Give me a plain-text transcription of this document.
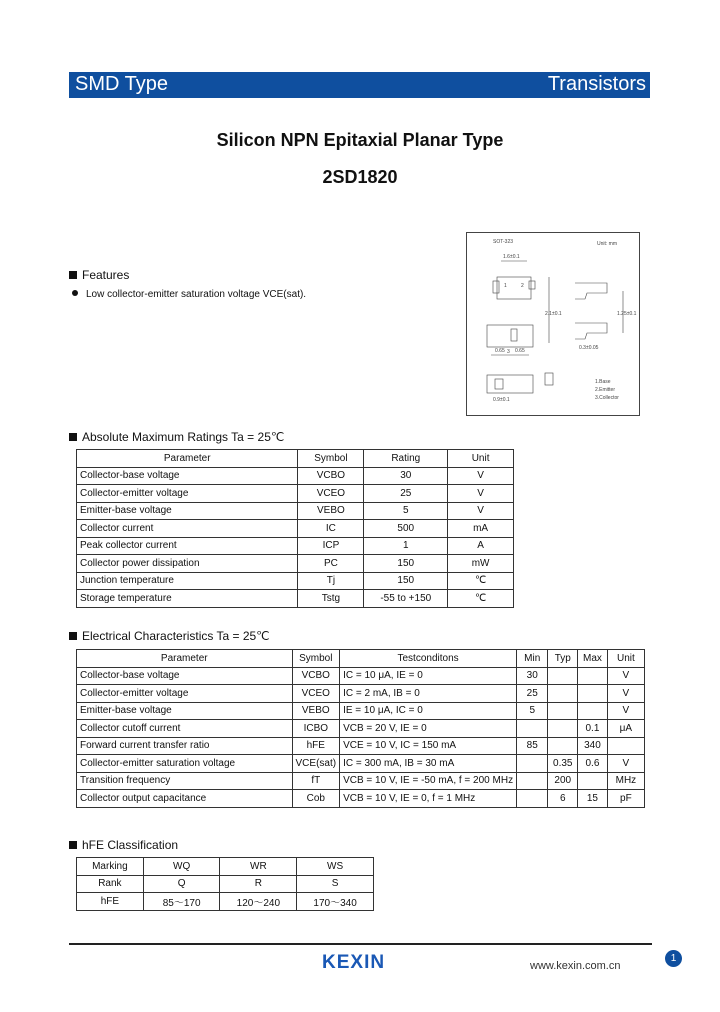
SMD Type	Transistors
Silicon NPN Epitaxial Planar Type
2SD1820
Features
Low collector-emitter saturation voltage VCE(sat).
SOT-323	Unit: mm
1.6±0.1
1	2
2.1±0.1
3
0.65 0.65
1.25±0.1
0.3±0.05
0.9±0.1
1.Base
2.Emitter
3.Collector
Absolute Maximum Ratings Ta = 25℃
Parameter	Symbol	Rating	Unit
Collector-base voltage	VCBO	30	V
Collector-emitter voltage	VCEO	25	V
Emitter-base voltage	VEBO	5	V
Collector current	IC	500	mA
Peak collector current	ICP	1	A
Collector power dissipation	PC	150	mW
Junction temperature	Tj	150	℃
Storage temperature	Tstg	-55 to +150	℃
Electrical Characteristics Ta = 25℃
Parameter	Symbol	Testconditons	Min	Typ	Max	Unit
Collector-base voltage	VCBO	IC = 10 μA, IE = 0	30			V
Collector-emitter voltage	VCEO	IC = 2 mA, IB = 0	25			V
Emitter-base voltage	VEBO	IE = 10 μA, IC = 0	5			V
Collector cutoff current	ICBO	VCB = 20 V, IE = 0			0.1	μA
Forward current transfer ratio	hFE	VCE = 10 V, IC = 150 mA	85		340	
Collector-emitter saturation voltage	VCE(sat)	IC = 300 mA, IB = 30 mA		0.35	0.6	V
Transition frequency	fT	VCB = 10 V, IE = -50 mA, f = 200 MHz		200		MHz
Collector output capacitance	Cob	VCB = 10 V, IE = 0, f = 1 MHz		6	15	pF
hFE Classification
Marking	WQ	WR	WS
Rank	Q	R	S
hFE	85～170	120～240	170～340
KEXIN	www.kexin.com.cn
1
